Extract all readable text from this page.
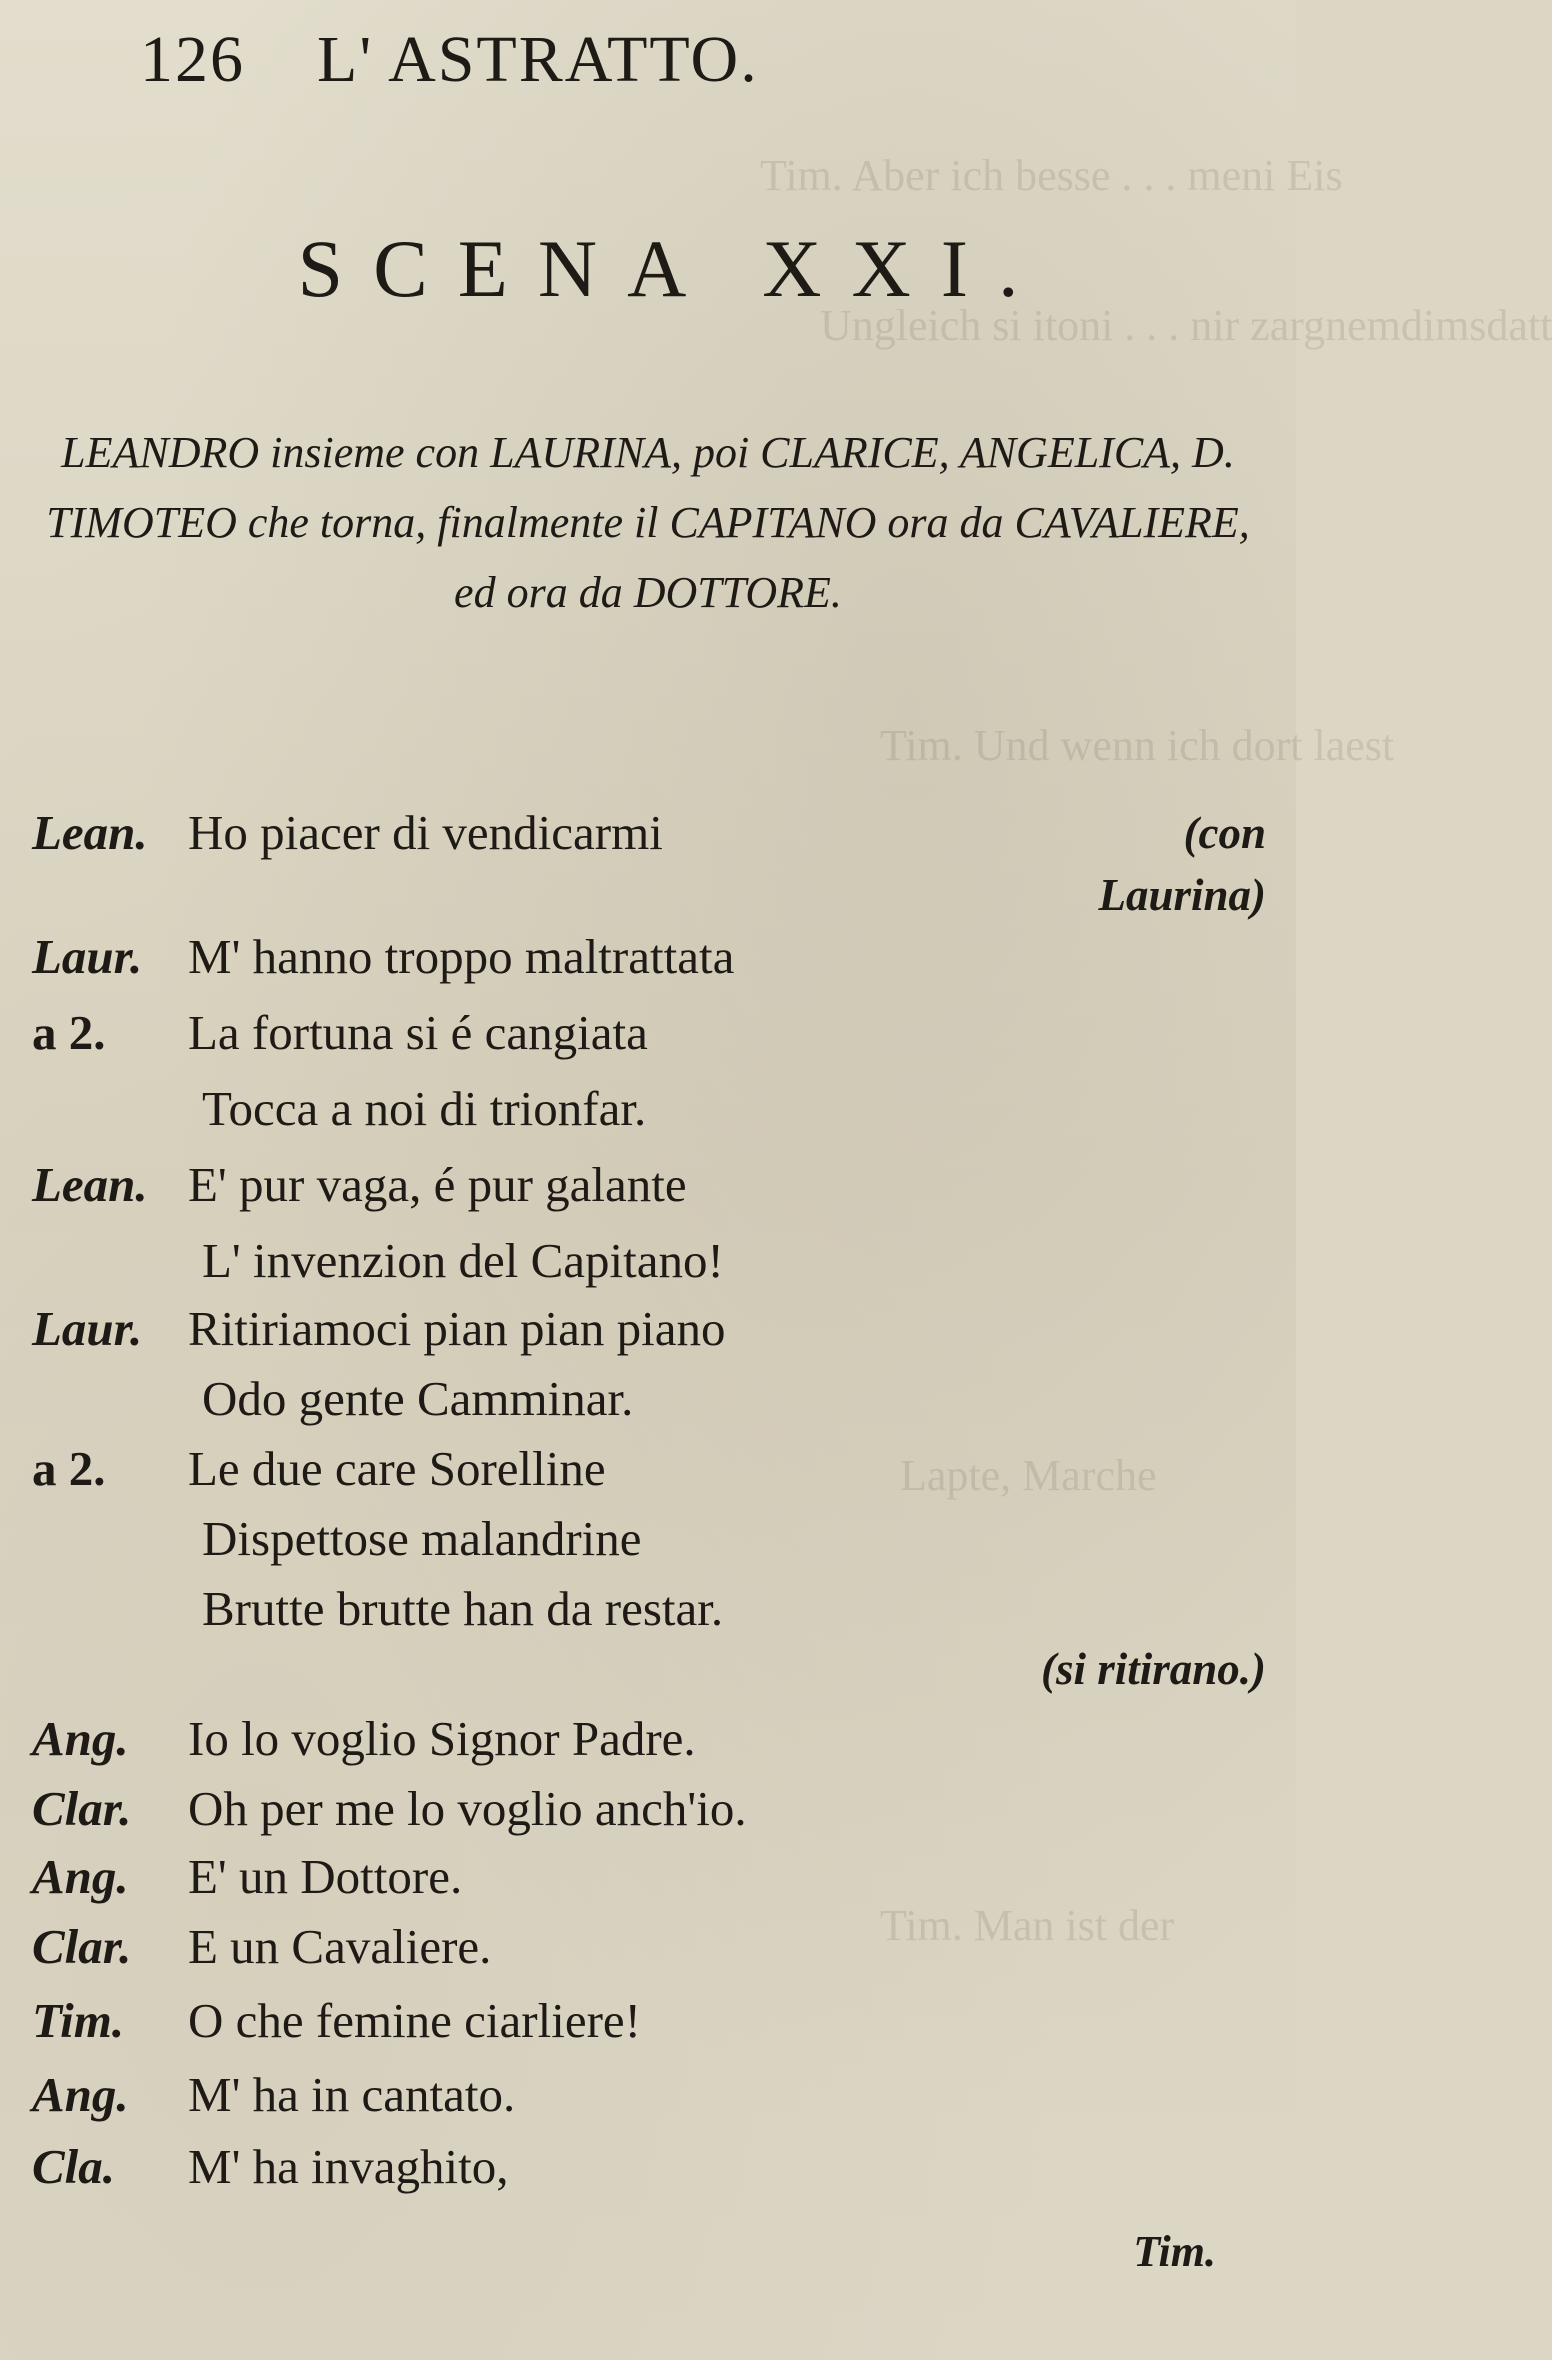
Tim. Aber ich besse . . . meni Eis
Ungleich si itoni . . . nir zargnemdimsdatt
Tim. Und wenn ich dort laest
Lapte, Marche
Tim. Man ist der
126 L' ASTRATTO.
SCENA XXI.
LEANDRO insieme con LAURINA, poi CLARICE, ANGELICA, D. TIMOTEO che torna, finalmente il CAPITANO ora da CAVALIERE, ed ora da DOTTORE.
Lean. Ho piacer di vendicarmi	(con
Laurina)
Laur. M' hanno troppo maltrattata
a 2. La fortuna si é cangiata
Tocca a noi di trionfar.
Lean. E' pur vaga, é pur galante
L' invenzion del Capitano!
Laur. Ritiriamoci pian pian piano
Odo gente Camminar.
a 2. Le due care Sorelline
Dispettose malandrine
Brutte brutte han da restar.
(si ritirano.)
Ang. Io lo voglio Signor Padre.
Clar. Oh per me lo voglio anch'io.
Ang. E' un Dottore.
Clar. E un Cavaliere.
Tim. O che femine ciarliere!
Ang. M' ha in cantato.
Cla. M' ha invaghito,
Tim.
